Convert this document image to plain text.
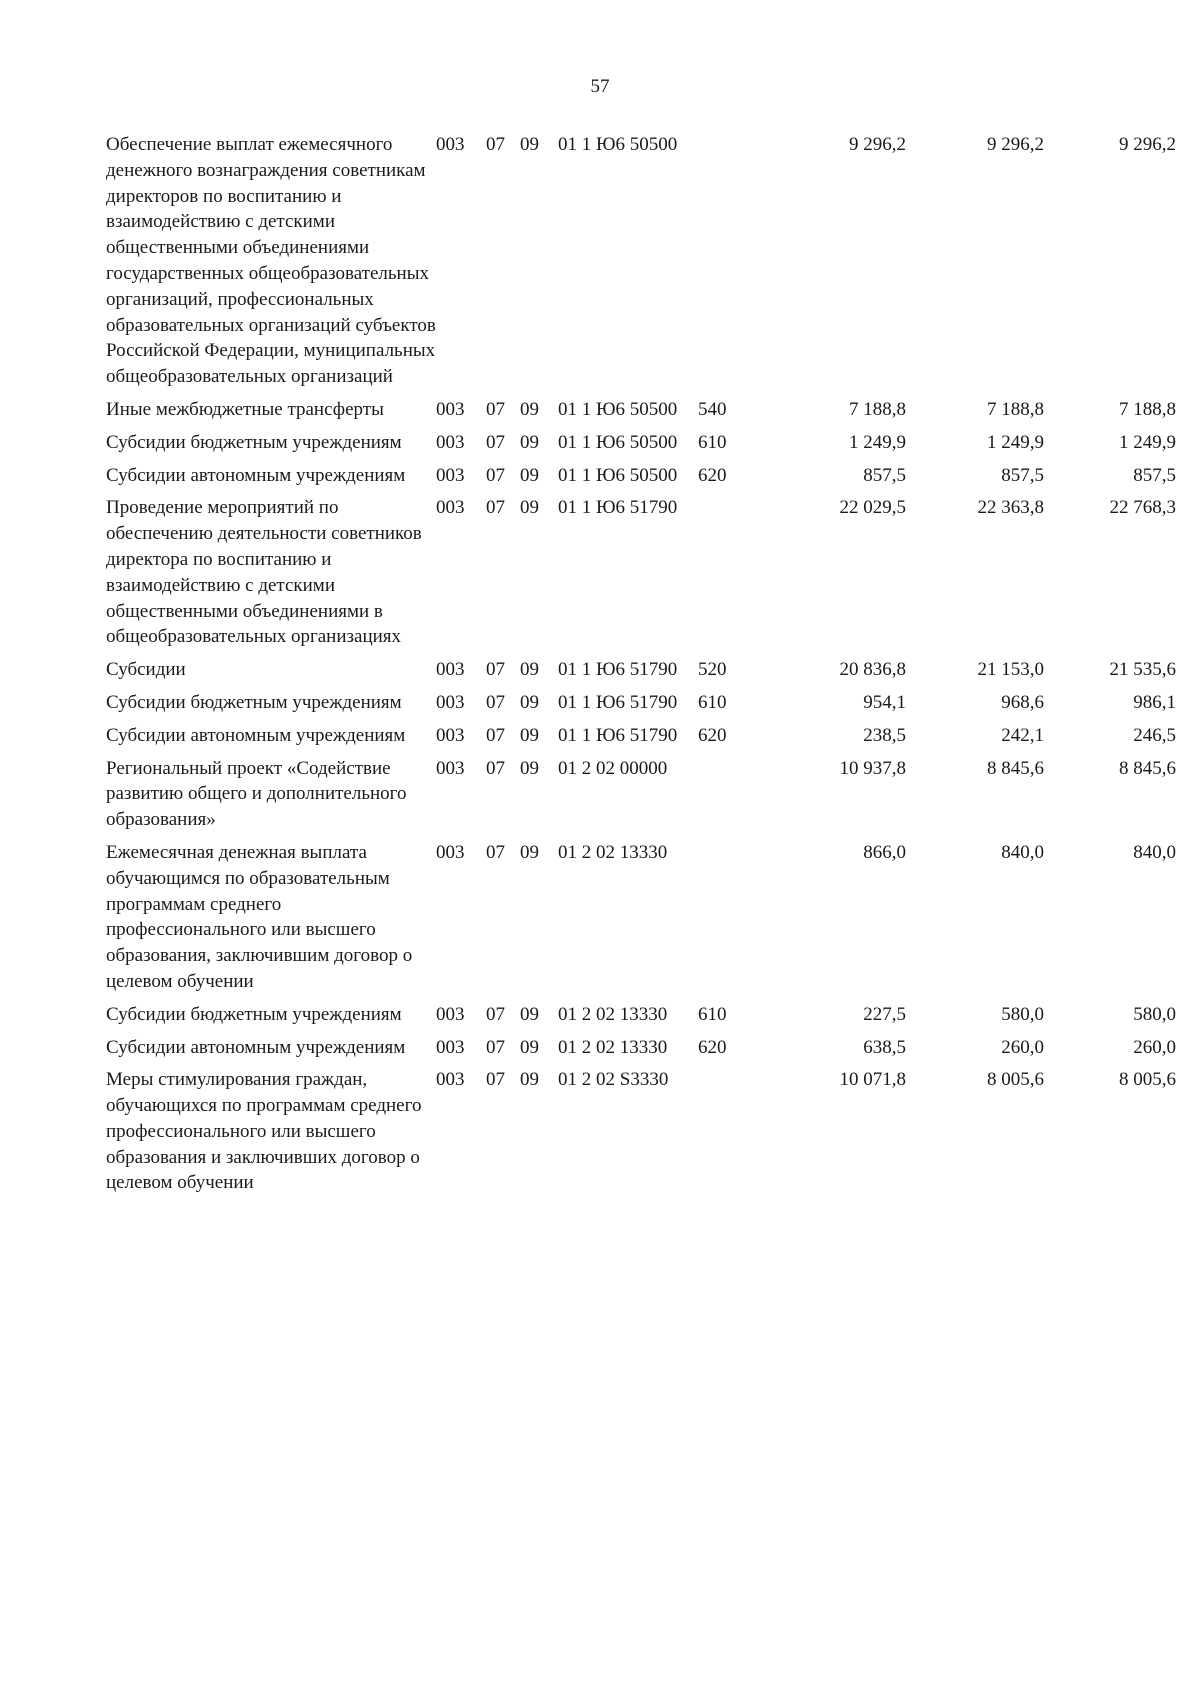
57
Обеспечение выплат ежемесячного денежного вознаграждения советникам директоров по воспитанию и взаимодействию с детскими общественными объединениями государственных общеобразовательных организаций, профессиональных образовательных организаций субъектов Российской Федерации, муниципальных общеобразовательных организаций	003	07	09	01 1 Ю6 50500		9 296,2	9 296,2	9 296,2
Иные межбюджетные трансферты	003	07	09	01 1 Ю6 50500	540	7 188,8	7 188,8	7 188,8
Субсидии бюджетным учреждениям	003	07	09	01 1 Ю6 50500	610	1 249,9	1 249,9	1 249,9
Субсидии автономным учреждениям	003	07	09	01 1 Ю6 50500	620	857,5	857,5	857,5
Проведение мероприятий по обеспечению деятельности советников директора по воспитанию и взаимодействию с детскими общественными объединениями в общеобразовательных организациях	003	07	09	01 1 Ю6 51790		22 029,5	22 363,8	22 768,3
Субсидии	003	07	09	01 1 Ю6 51790	520	20 836,8	21 153,0	21 535,6
Субсидии бюджетным учреждениям	003	07	09	01 1 Ю6 51790	610	954,1	968,6	986,1
Субсидии автономным учреждениям	003	07	09	01 1 Ю6 51790	620	238,5	242,1	246,5
Региональный проект «Содействие развитию общего и дополнительного образования»	003	07	09	01 2 02 00000		10 937,8	8 845,6	8 845,6
Ежемесячная денежная выплата обучающимся по образовательным программам среднего профессионального или высшего образования, заключившим договор о целевом обучении	003	07	09	01 2 02 13330		866,0	840,0	840,0
Субсидии бюджетным учреждениям	003	07	09	01 2 02 13330	610	227,5	580,0	580,0
Субсидии автономным учреждениям	003	07	09	01 2 02 13330	620	638,5	260,0	260,0
Меры стимулирования граждан, обучающихся по программам среднего профессионального или высшего образования и заключивших договор о целевом обучении	003	07	09	01 2 02 S3330		10 071,8	8 005,6	8 005,6
